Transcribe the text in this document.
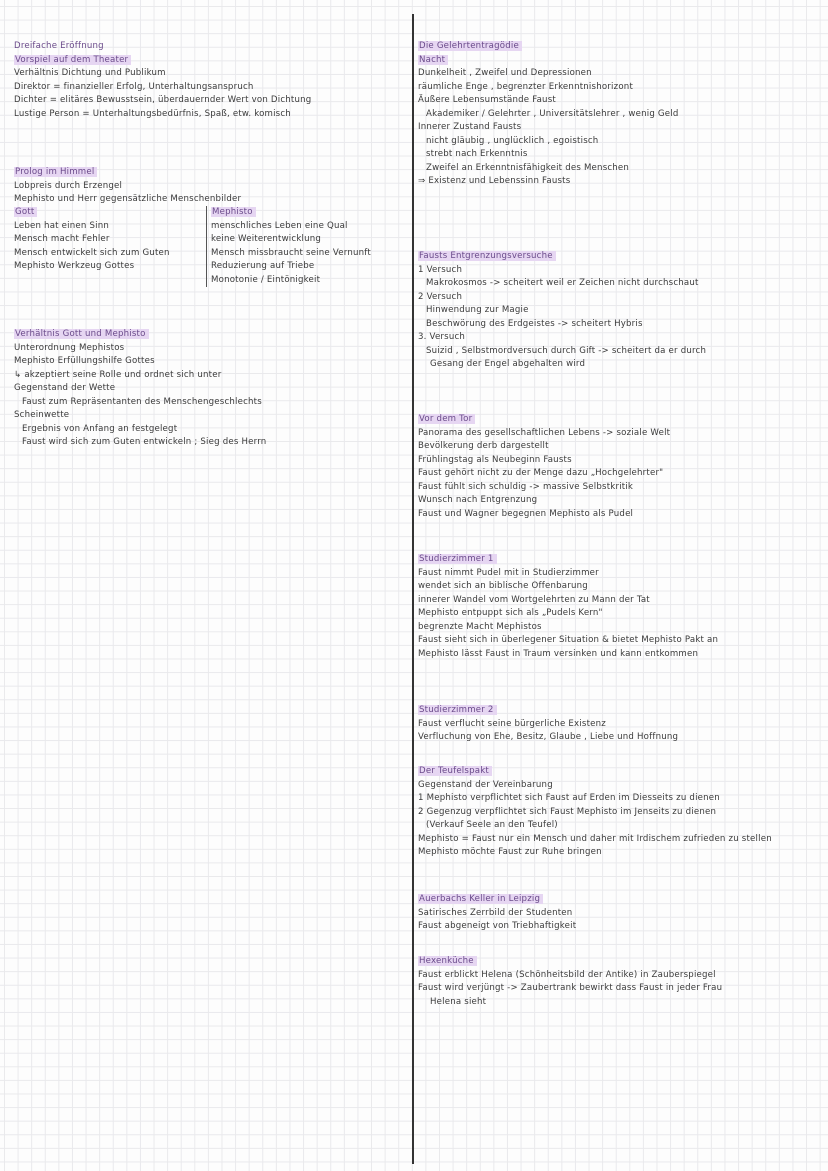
Dreifache Eröffnung
Vorspiel auf dem Theater
Verhältnis Dichtung und Publikum
Direktor = finanzieller Erfolg, Unterhaltungsanspruch
Dichter = elitäres Bewusstsein, überdauernder Wert von Dichtung
Lustige Person = Unterhaltungsbedürfnis, Spaß, etw. komisch
Prolog im Himmel
Lobpreis durch Erzengel
Mephisto und Herr gegensätzliche Menschenbilder
Gott
Leben hat einen Sinn
Mensch macht Fehler
Mensch entwickelt sich zum Guten
Mephisto Werkzeug Gottes
Mephisto
menschliches Leben eine Qual
keine Weiterentwicklung
Mensch missbraucht seine Vernunft
Reduzierung auf Triebe
Monotonie / Eintönigkeit
Verhältnis Gott und Mephisto
Unterordnung Mephistos
Mephisto Erfüllungshilfe Gottes
↳ akzeptiert seine Rolle und ordnet sich unter
Gegenstand der Wette
Faust zum Repräsentanten des Menschengeschlechts
Scheinwette
Ergebnis von Anfang an festgelegt
Faust wird sich zum Guten entwickeln ; Sieg des Herrn
Die Gelehrtentragödie
Nacht
Dunkelheit , Zweifel und Depressionen
räumliche Enge , begrenzter Erkenntnishorizont
Äußere Lebensumstände Faust
Akademiker / Gelehrter , Universitätslehrer , wenig Geld
Innerer Zustand Fausts
nicht gläubig , unglücklich , egoistisch
strebt nach Erkenntnis
Zweifel an Erkenntnisfähigkeit des Menschen
⇒ Existenz und Lebenssinn Fausts
Fausts Entgrenzungsversuche
1 Versuch
Makrokosmos -> scheitert weil er Zeichen nicht durchschaut
2 Versuch
Hinwendung zur Magie
Beschwörung des Erdgeistes -> scheitert Hybris
3. Versuch
Suizid , Selbstmordversuch durch Gift -> scheitert da er durch
Gesang der Engel abgehalten wird
Vor dem Tor
Panorama des gesellschaftlichen Lebens -> soziale Welt
Bevölkerung derb dargestellt
Frühlingstag als Neubeginn Fausts
Faust gehört nicht zu der Menge dazu „Hochgelehrter"
Faust fühlt sich schuldig -> massive Selbstkritik
Wunsch nach Entgrenzung
Faust und Wagner begegnen Mephisto als Pudel
Studierzimmer 1
Faust nimmt Pudel mit in Studierzimmer
wendet sich an biblische Offenbarung
innerer Wandel vom Wortgelehrten zu Mann der Tat
Mephisto entpuppt sich als „Pudels Kern"
begrenzte Macht Mephistos
Faust sieht sich in überlegener Situation & bietet Mephisto Pakt an
Mephisto lässt Faust in Traum versinken und kann entkommen
Studierzimmer 2
Faust verflucht seine bürgerliche Existenz
Verfluchung von Ehe, Besitz, Glaube , Liebe und Hoffnung
Der Teufelspakt
Gegenstand der Vereinbarung
1 Mephisto verpflichtet sich Faust auf Erden im Diesseits zu dienen
2 Gegenzug verpflichtet sich Faust Mephisto im Jenseits zu dienen
(Verkauf Seele an den Teufel)
Mephisto = Faust nur ein Mensch und daher mit Irdischem zufrieden zu stellen
Mephisto möchte Faust zur Ruhe bringen
Auerbachs Keller in Leipzig
Satirisches Zerrbild der Studenten
Faust abgeneigt von Triebhaftigkeit
Hexenküche
Faust erblickt Helena (Schönheitsbild der Antike) in Zauberspiegel
Faust wird verjüngt -> Zaubertrank bewirkt dass Faust in jeder Frau
Helena sieht
